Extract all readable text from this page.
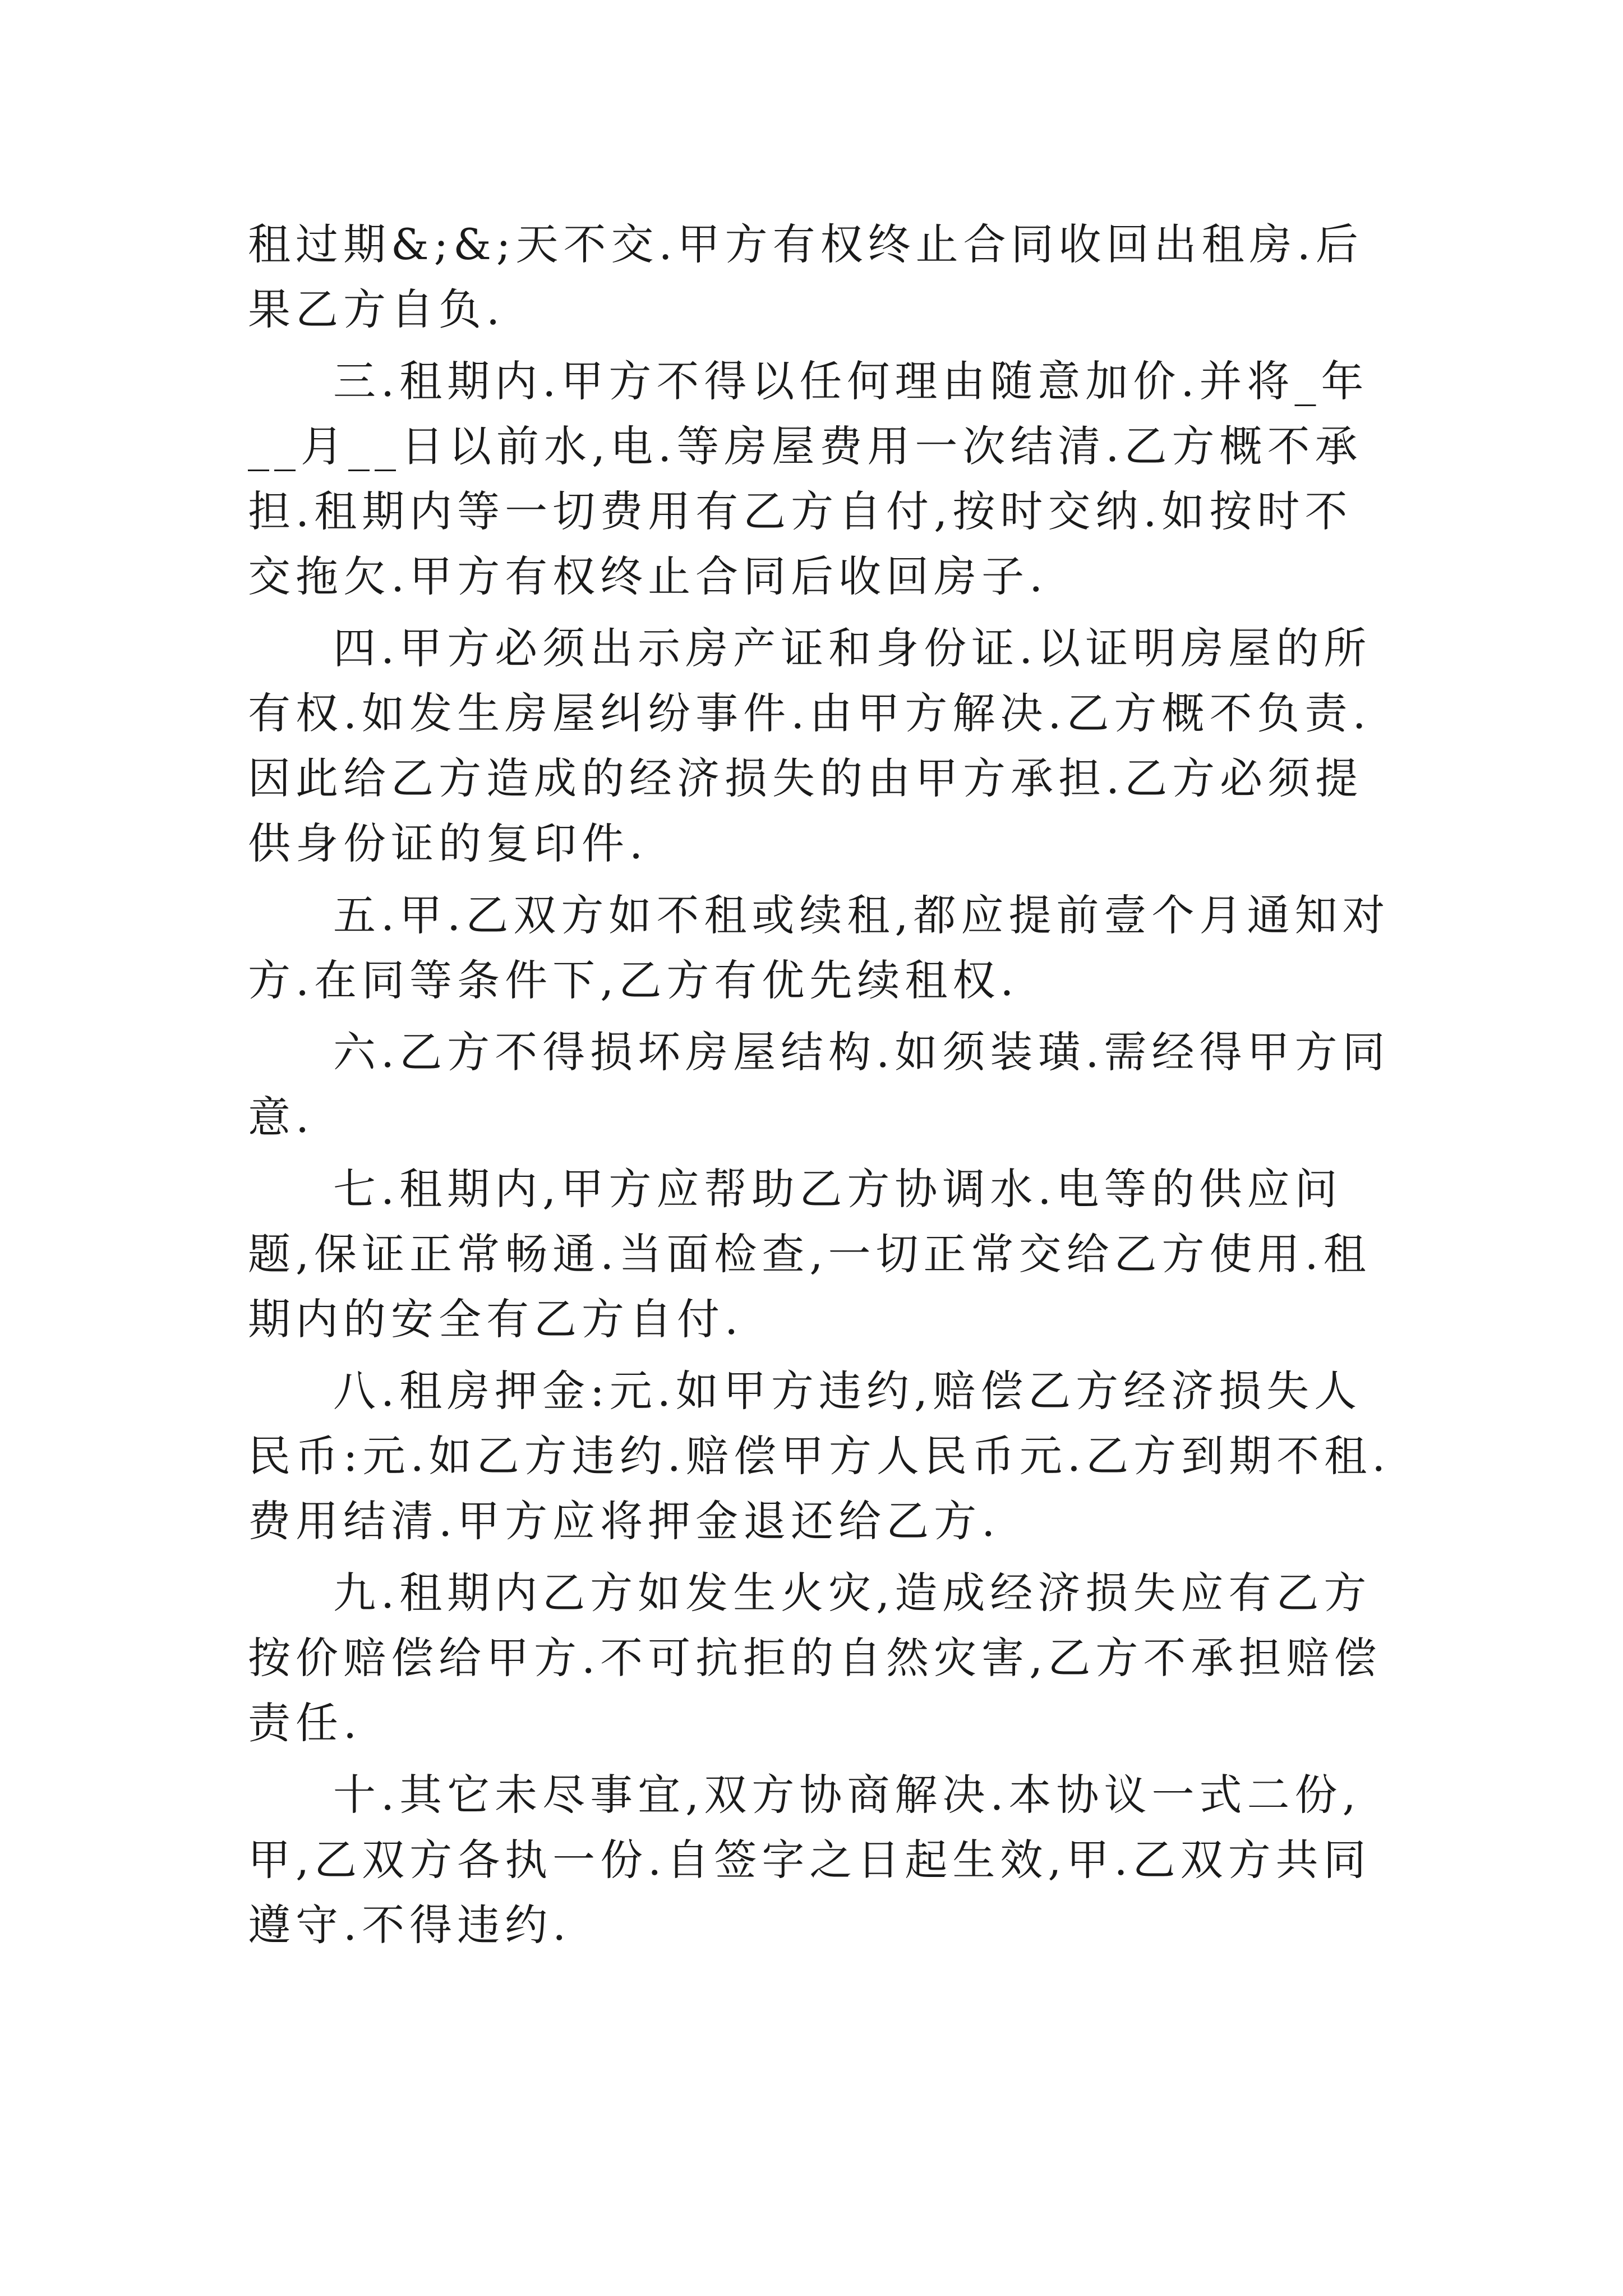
租过期&;&;天不交.甲方有权终止合同收回出租房.后果乙方自负.

三.租期内.甲方不得以任何理由随意加价.并将_年__月__日以前水,电.等房屋费用一次结清.乙方概不承担.租期内等一切费用有乙方自付,按时交纳.如按时不交拖欠.甲方有权终止合同后收回房子.

四.甲方必须出示房产证和身份证.以证明房屋的所有权.如发生房屋纠纷事件.由甲方解决.乙方概不负责.因此给乙方造成的经济损失的由甲方承担.乙方必须提供身份证的复印件.

五.甲.乙双方如不租或续租,都应提前壹个月通知对方.在同等条件下,乙方有优先续租权.

六.乙方不得损坏房屋结构.如须装璜.需经得甲方同意.

七.租期内,甲方应帮助乙方协调水.电等的供应问题,保证正常畅通.当面检查,一切正常交给乙方使用.租期内的安全有乙方自付.

八.租房押金:元.如甲方违约,赔偿乙方经济损失人民币:元.如乙方违约.赔偿甲方人民币元.乙方到期不租.费用结清.甲方应将押金退还给乙方.

九.租期内乙方如发生火灾,造成经济损失应有乙方按价赔偿给甲方.不可抗拒的自然灾害,乙方不承担赔偿责任.

十.其它未尽事宜,双方协商解决.本协议一式二份,甲,乙双方各执一份.自签字之日起生效,甲.乙双方共同遵守.不得违约.
